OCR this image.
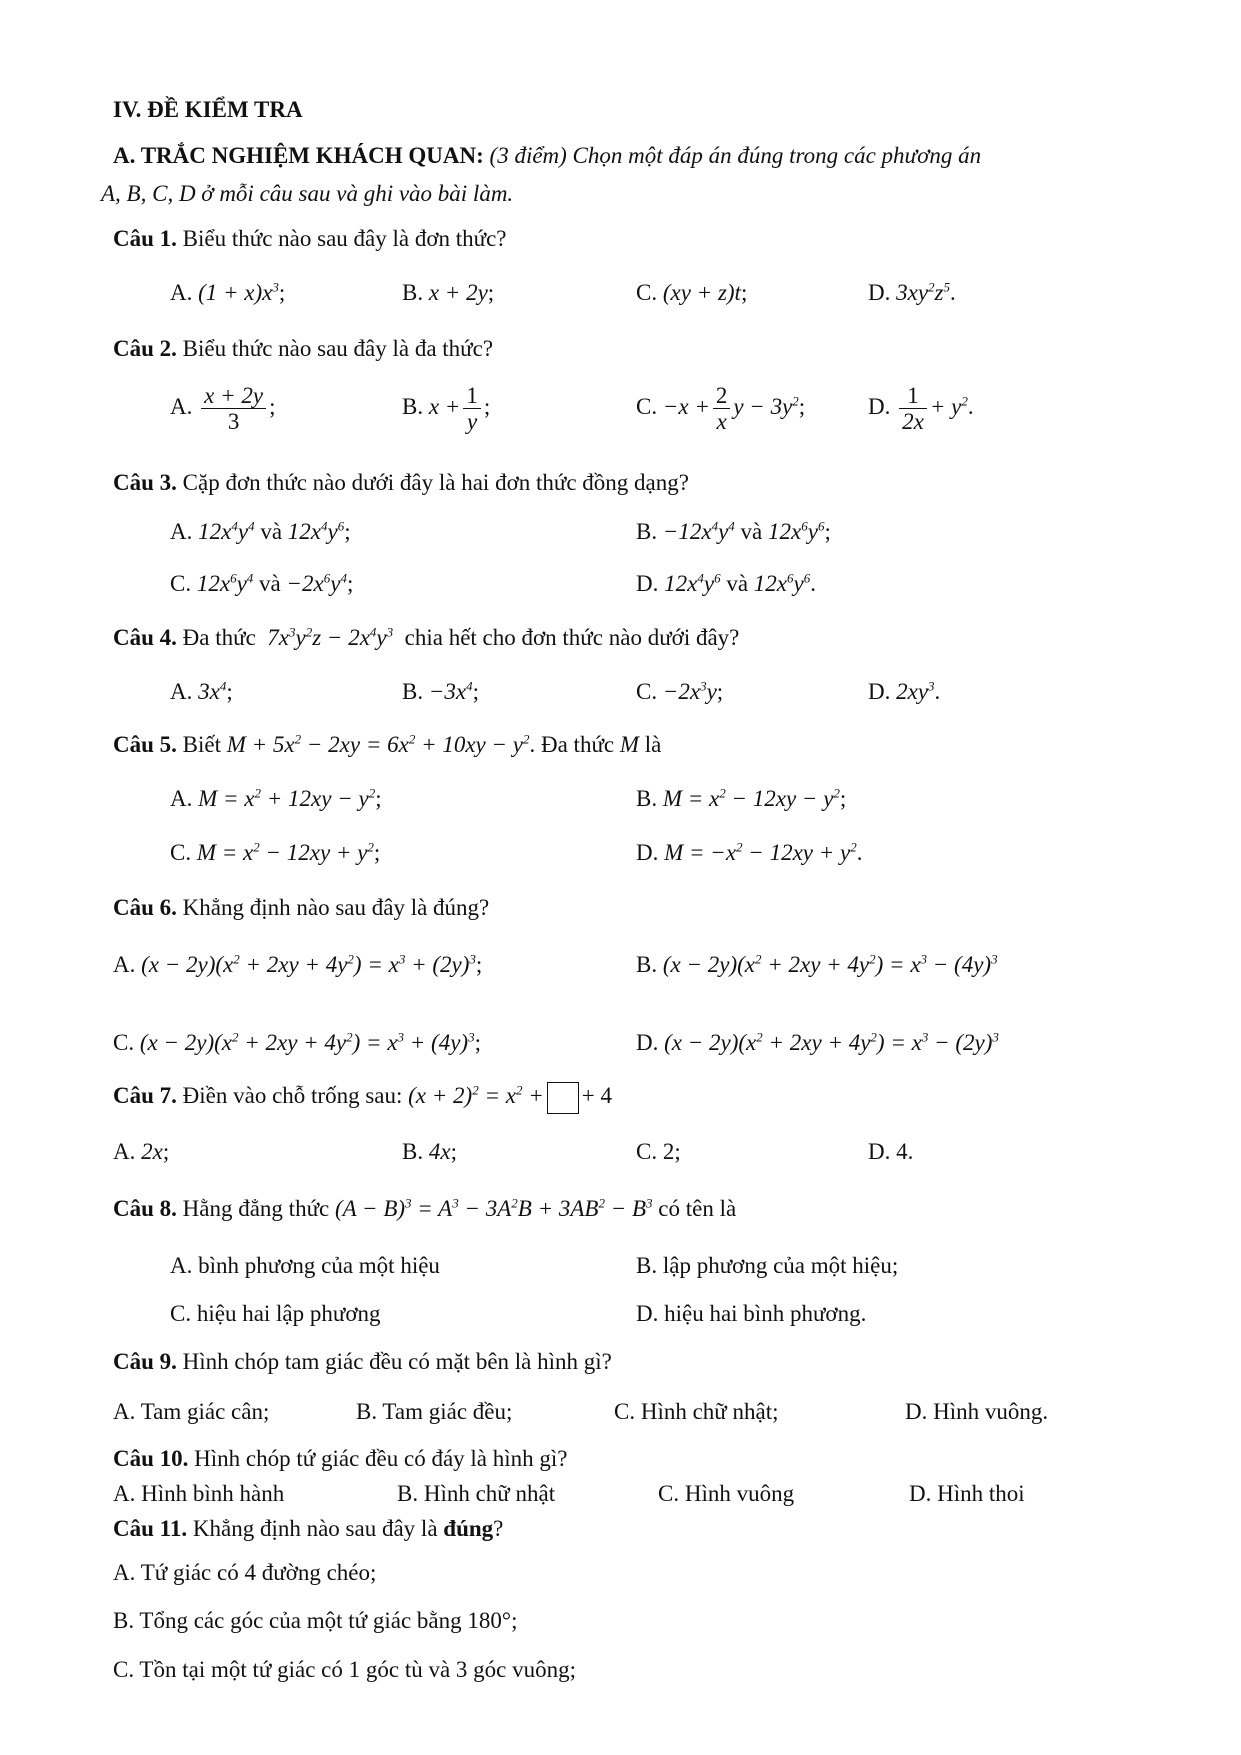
IV. ĐỀ KIỂM TRA
A. TRẮC NGHIỆM KHÁCH QUAN: (3 điểm) Chọn một đáp án đúng trong các phương án
A, B, C, D ở mỗi câu sau và ghi vào bài làm.
Câu 1. Biểu thức nào sau đây là đơn thức?
A. $(1 + x)x^3$;	B. x + 2y;	C. (xy + z)t;	D. $3xy^2z^5$.
Câu 2. Biểu thức nào sau đây là đa thức?
A. $\frac{x + 2y}{3}$ ;	B. $x + \frac{1}{y}$ ;	C. $-x + \frac{2}{x}$ $y - 3y^2$;	D. $\frac{1}{2x} + y^2$.
Câu 3. Cặp đơn thức nào dưới đây là hai đơn thức đồng dạng?
A. $12x^4y^4$ và $12x^4y^6$;	B. $-12x^4y^4$ và $12x^6y^6$;
C. $12x^6y^4$ và $-2x^6y^4$;	D. $12x^4y^6$ và $12x^6y^6$.
Câu 4. Đa thức  $7x^3y^2z - 2x^4y^3$  chia hết cho đơn thức nào dưới đây?
A. $3x^4$;	B. $-3x^4$;	C. $-2x^3y$;	D. $2xy^3$.
Câu 5. Biết $M + 5x^2 - 2xy = 6x^2 + 10xy - y^2$. Đa thức M là
A. $M = x^2 + 12xy - y^2$;	B. $M = x^2 - 12xy - y^2$;
C. $M = x^2 - 12xy + y^2$;	D. $M = -x^2 - 12xy + y^2$.
Câu 6. Khẳng định nào sau đây là đúng?
A. $(x - 2y)(x^2 + 2xy + 4y^2) = x^3 + (2y)^3$;	B. $(x - 2y)(x^2 + 2xy + 4y^2) = x^3 - (4y)^3$
C. $(x - 2y)(x^2 + 2xy + 4y^2) = x^3 + (4y)^3$;	D. $(x - 2y)(x^2 + 2xy + 4y^2) = x^3 - (2y)^3$
Câu 7. Điền vào chỗ trống sau: $(x + 2)^2 = x^2$ + + 4
A. 2x;	B. 4x;	C. 2;	D. 4.
Câu 8. Hằng đẳng thức $(A - B)^3 = A^3 - 3A^2B + 3AB^2 - B^3$ có tên là
A. bình phương của một hiệu	B. lập phương của một hiệu;
C. hiệu hai lập phương	D. hiệu hai bình phương.
Câu 9. Hình chóp tam giác đều có mặt bên là hình gì?
A. Tam giác cân;	B. Tam giác đều;	C. Hình chữ nhật;	D. Hình vuông.
Câu 10. Hình chóp tứ giác đều có đáy là hình gì?
A. Hình bình hành	B. Hình chữ nhật	C. Hình vuông	D. Hình thoi
Câu 11. Khẳng định nào sau đây là đúng?
A. Tứ giác có 4 đường chéo;
B. Tổng các góc của một tứ giác bằng 180°;
C. Tồn tại một tứ giác có 1 góc tù và 3 góc vuông;
